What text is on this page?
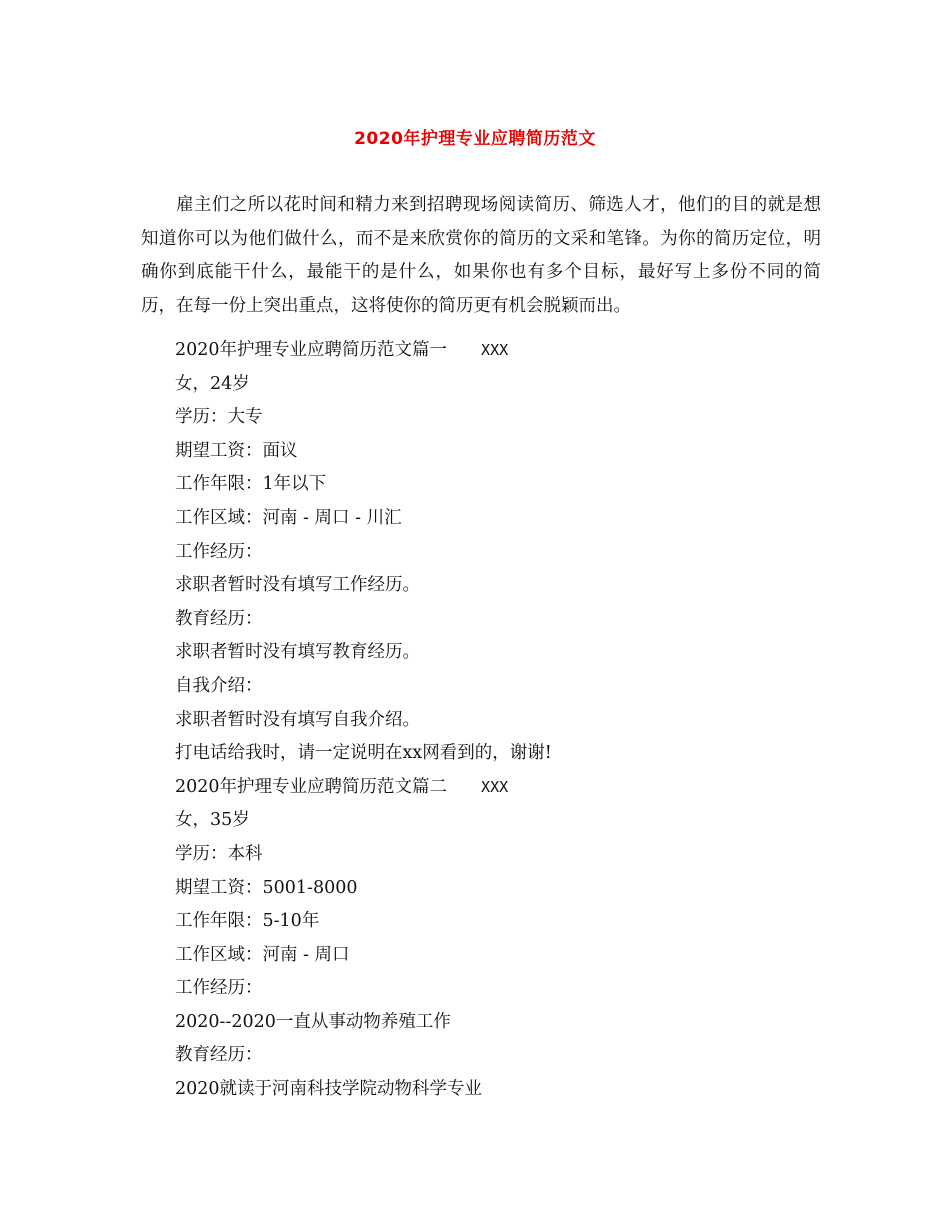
2020年护理专业应聘简历范文

雇主们之所以花时间和精力来到招聘现场阅读简历、筛选人才，他们的目的就是想知道你可以为他们做什么，而不是来欣赏你的简历的文采和笔锋。为你的简历定位，明确你到底能干什么，最能干的是什么，如果你也有多个目标，最好写上多份不同的简历，在每一份上突出重点，这将使你的简历更有机会脱颖而出。

2020年护理专业应聘简历范文篇一 XXX
女，24岁
学历：大专
期望工资：面议
工作年限：1年以下
工作区域：河南 - 周口 - 川汇
工作经历：
求职者暂时没有填写工作经历。
教育经历：
求职者暂时没有填写教育经历。
自我介绍：
求职者暂时没有填写自我介绍。
打电话给我时，请一定说明在xx网看到的，谢谢!
2020年护理专业应聘简历范文篇二 XXX
女，35岁
学历：本科
期望工资：5001-8000
工作年限：5-10年
工作区域：河南 - 周口
工作经历：
2020--2020一直从事动物养殖工作
教育经历：
2020就读于河南科技学院动物科学专业
